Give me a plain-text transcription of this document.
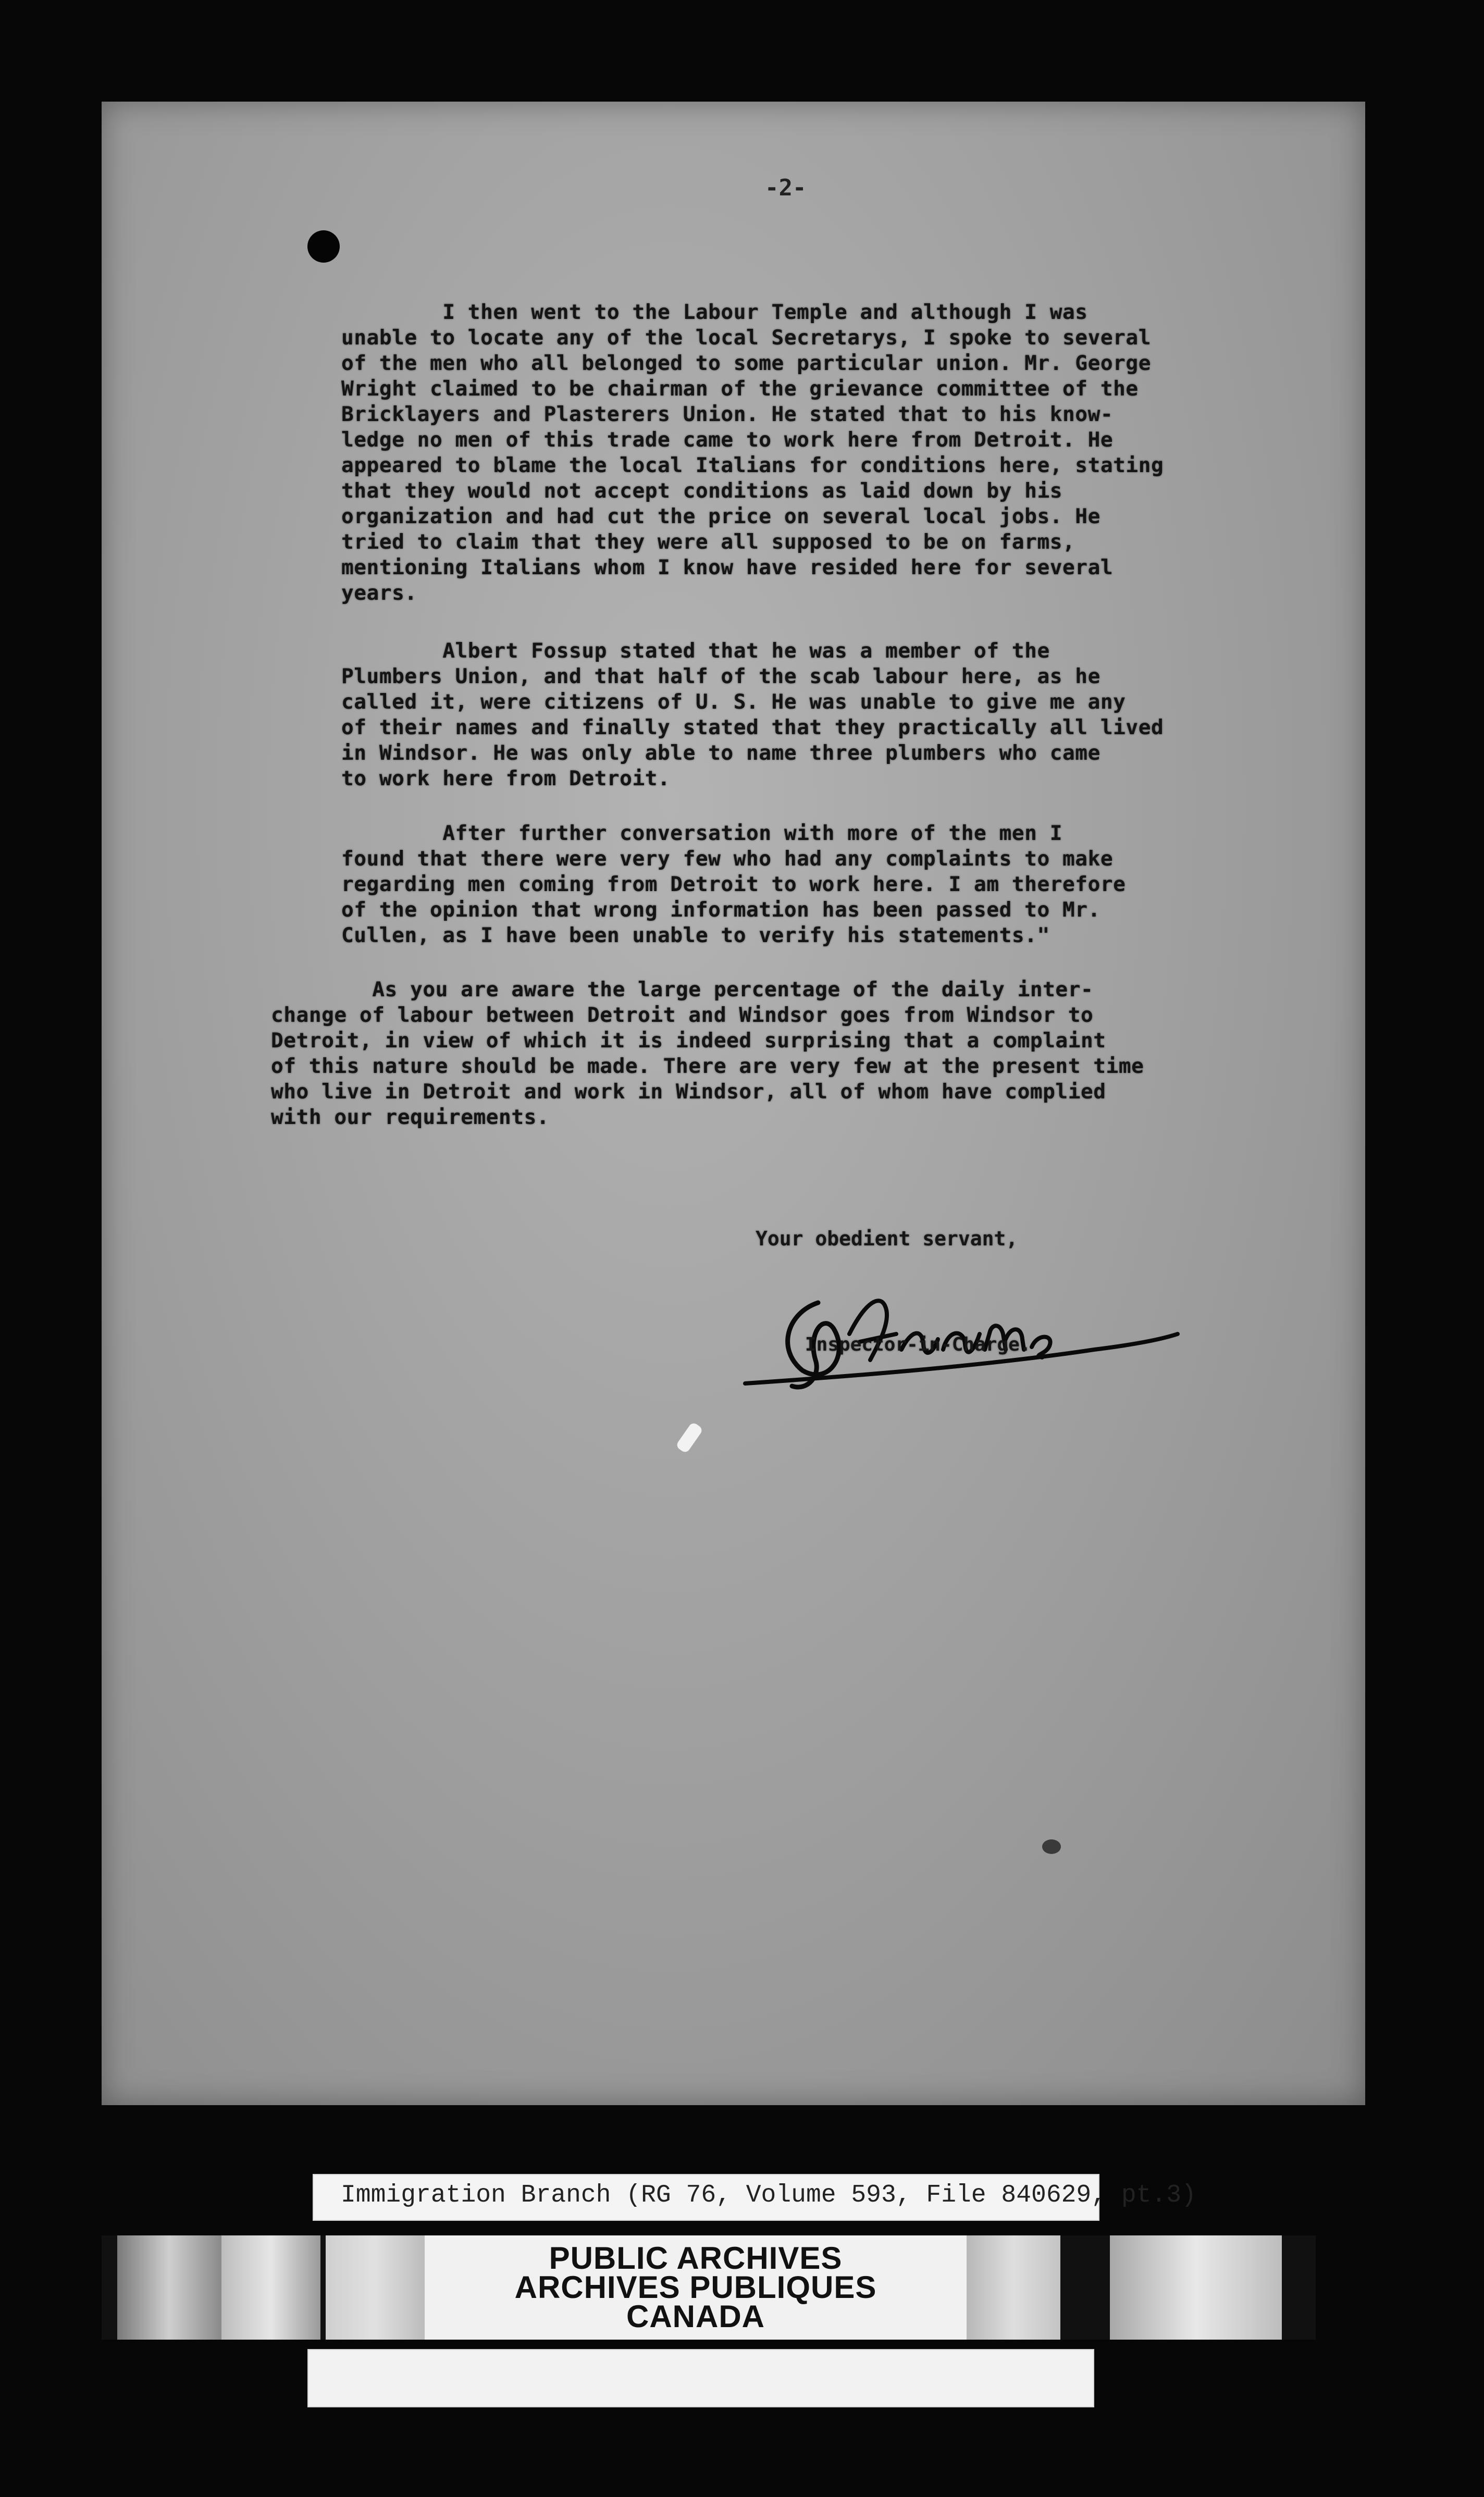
-2-
I then went to the Labour Temple and although I was
unable to locate any of the local Secretarys, I spoke to several
of the men who all belonged to some particular union. Mr. George
Wright claimed to be chairman of the grievance committee of the
Bricklayers and Plasterers Union. He stated that to his know-
ledge no men of this trade came to work here from Detroit. He
appeared to blame the local Italians for conditions here, stating
that they would not accept conditions as laid down by his
organization and had cut the price on several local jobs. He
tried to claim that they were all supposed to be on farms,
mentioning Italians whom I know have resided here for several
years.
Albert Fossup stated that he was a member of the
Plumbers Union, and that half of the scab labour here, as he
called it, were citizens of U. S. He was unable to give me any
of their names and finally stated that they practically all lived
in Windsor. He was only able to name three plumbers who came
to work here from Detroit.
After further conversation with more of the men I
found that there were very few who had any complaints to make
regarding men coming from Detroit to work here. I am therefore
of the opinion that wrong information has been passed to Mr.
Cullen, as I have been unable to verify his statements."
As you are aware the large percentage of the daily inter-
change of labour between Detroit and Windsor goes from Windsor to
Detroit, in view of which it is indeed surprising that a complaint
of this nature should be made. There are very few at the present time
who live in Detroit and work in Windsor, all of whom have complied
with our requirements.
Your obedient servant,
Inspector-in-Charge.
Immigration Branch (RG 76, Volume 593, File 840629, pt.3)
PUBLIC ARCHIVES
ARCHIVES PUBLIQUES
CANADA
